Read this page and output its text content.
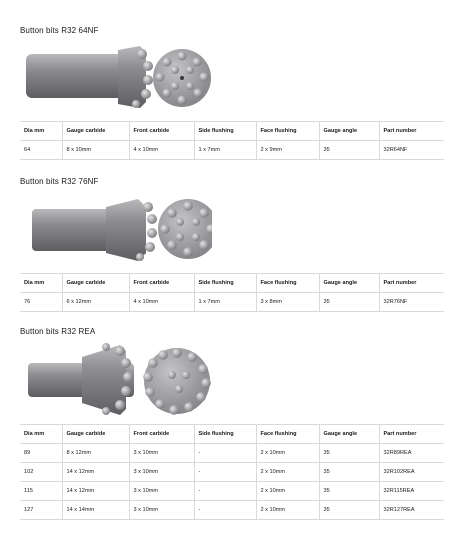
Button bits R32 64NF
Dia mm	Gauge carbide	Front carbide	Side flushing	Face flushing	Gauge angle	Part number
64	8 x 10mm	4 x 10mm	1 x 7mm	2 x 9mm	35	32R64NF
Button bits R32 76NF
Dia mm	Gauge carbide	Front carbide	Side flushing	Face flushing	Gauge angle	Part number
76	6 x 12mm	4 x 10mm	1 x 7mm	3 x 8mm	35	32R76NF
Button bits R32 REA
Dia mm	Gauge carbide	Front carbide	Side flushing	Face flushing	Gauge angle	Part number
89	8 x 12mm	3 x 10mm	-	2 x 10mm	35	32R89REA
102	14 x 12mm	3 x 10mm	-	2 x 10mm	35	32R102REA
115	14 x 12mm	3 x 10mm	-	2 x 10mm	35	32R115REA
127	14 x 14mm	3 x 10mm	-	2 x 10mm	35	32R127REA
